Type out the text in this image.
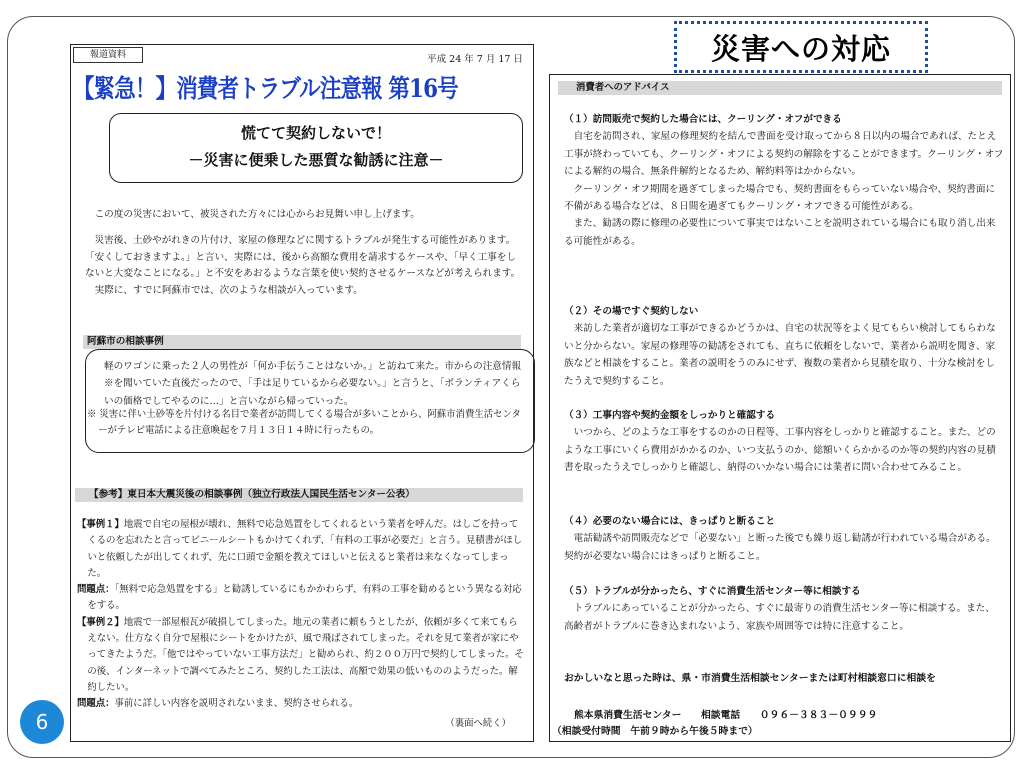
災害への対応
6
報道資料	平成 24 年 7 月 17 日
【緊急！】消費者トラブル注意報 第16号
慌てて契約しないで！
－災害に便乗した悪質な勧誘に注意－

この度の災害において、被災された方々には心からお見舞い申し上げます。

災害後、土砂やがれきの片付け、家屋の修理などに関するトラブルが発生する可能性があります。「安くしておきますよ。」と言い、実際には、後から高額な費用を請求するケースや、「早く工事をしないと大変なことになる。」と不安をあおるような言葉を使い契約させるケースなどが考えられます。

実際に、すでに阿蘇市では、次のような相談が入っています。

阿蘇市の相談事例
軽のワゴンに乗った２人の男性が「何か手伝うことはないか。」と訪ねて来た。市からの注意情報※を聞いていた直後だったので、「手は足りているから必要ない。」と言うと、「ボランティアくらいの価格でしてやるのに…」と言いながら帰っていった。
※ 災害に伴い土砂等を片付ける名目で業者が訪問してくる場合が多いことから、阿蘇市消費生活センターがテレビ電話による注意喚起を７月１３日１４時に行ったもの。
【参考】東日本大震災後の相談事例（独立行政法人国民生活センター公表）

【事例１】地震で自宅の屋根が壊れ、無料で応急処置をしてくれるという業者を呼んだ。はしごを持ってくるのを忘れたと言ってビニールシートもかけてくれず、「有料の工事が必要だ」と言う。見積書がほしいと依頼したが出してくれず、先に口頭で金額を教えてほしいと伝えると業者は来なくなってしまった。

問題点：「無料で応急処置をする」と勧誘しているにもかかわらず、有料の工事を勧めるという異なる対応をする。

【事例２】地震で一部屋根瓦が破損してしまった。地元の業者に頼もうとしたが、依頼が多くて来てもらえない。仕方なく自分で屋根にシートをかけたが、風で飛ばされてしまった。それを見て業者が家にやってきたようだ。「他ではやっていない工事方法だ」と勧められ、約２００万円で契約してしまった。その後、インターネットで調べてみたところ、契約した工法は、高額で効果の低いもののようだった。解約したい。

問題点：事前に詳しい内容を説明されないまま、契約させられる。

（裏面へ続く）
消費者へのアドバイス

（１）訪問販売で契約した場合には、クーリング・オフができる

自宅を訪問され、家屋の修理契約を結んで書面を受け取ってから８日以内の場合であれば、たとえ工事が終わっていても、クーリング・オフによる契約の解除をすることができます。クーリング・オフによる解約の場合、無条件解約となるため、解約料等はかからない。

クーリング・オフ期間を過ぎてしまった場合でも、契約書面をもらっていない場合や、契約書面に不備がある場合などは、８日間を過ぎてもクーリング・オフできる可能性がある。

また、勧誘の際に修理の必要性について事実ではないことを説明されている場合にも取り消し出来る可能性がある。

（２）その場ですぐ契約しない

来訪した業者が適切な工事ができるかどうかは、自宅の状況等をよく見てもらい検討してもらわないと分からない。家屋の修理等の勧誘をされても、直ちに依頼をしないで、業者から説明を聞き、家族などと相談をすること。業者の説明をうのみにせず、複数の業者から見積を取り、十分な検討をしたうえで契約すること。

（３）工事内容や契約金額をしっかりと確認する

いつから、どのような工事をするのかの日程等、工事内容をしっかりと確認すること。また、どのような工事にいくら費用がかかるのか、いつ支払うのか、総額いくらかかるのか等の契約内容の見積書を取ったうえでしっかりと確認し、納得のいかない場合には業者に問い合わせてみること。

（４）必要のない場合には、きっぱりと断ること

電話勧誘や訪問販売などで「必要ない」と断った後でも繰り返し勧誘が行われている場合がある。契約が必要ない場合にはきっぱりと断ること。

（５）トラブルが分かったら、すぐに消費生活センター等に相談する

トラブルにあっていることが分かったら、すぐに最寄りの消費生活センター等に相談する。また、高齢者がトラブルに巻き込まれないよう、家族や周囲等では特に注意すること。

おかしいなと思った時は、県・市消費生活相談センターまたは町村相談窓口に相談を
熊本県消費生活センター　　相談電話　　０９６－３８３－０９９９
（相談受付時間　午前９時から午後５時まで）
